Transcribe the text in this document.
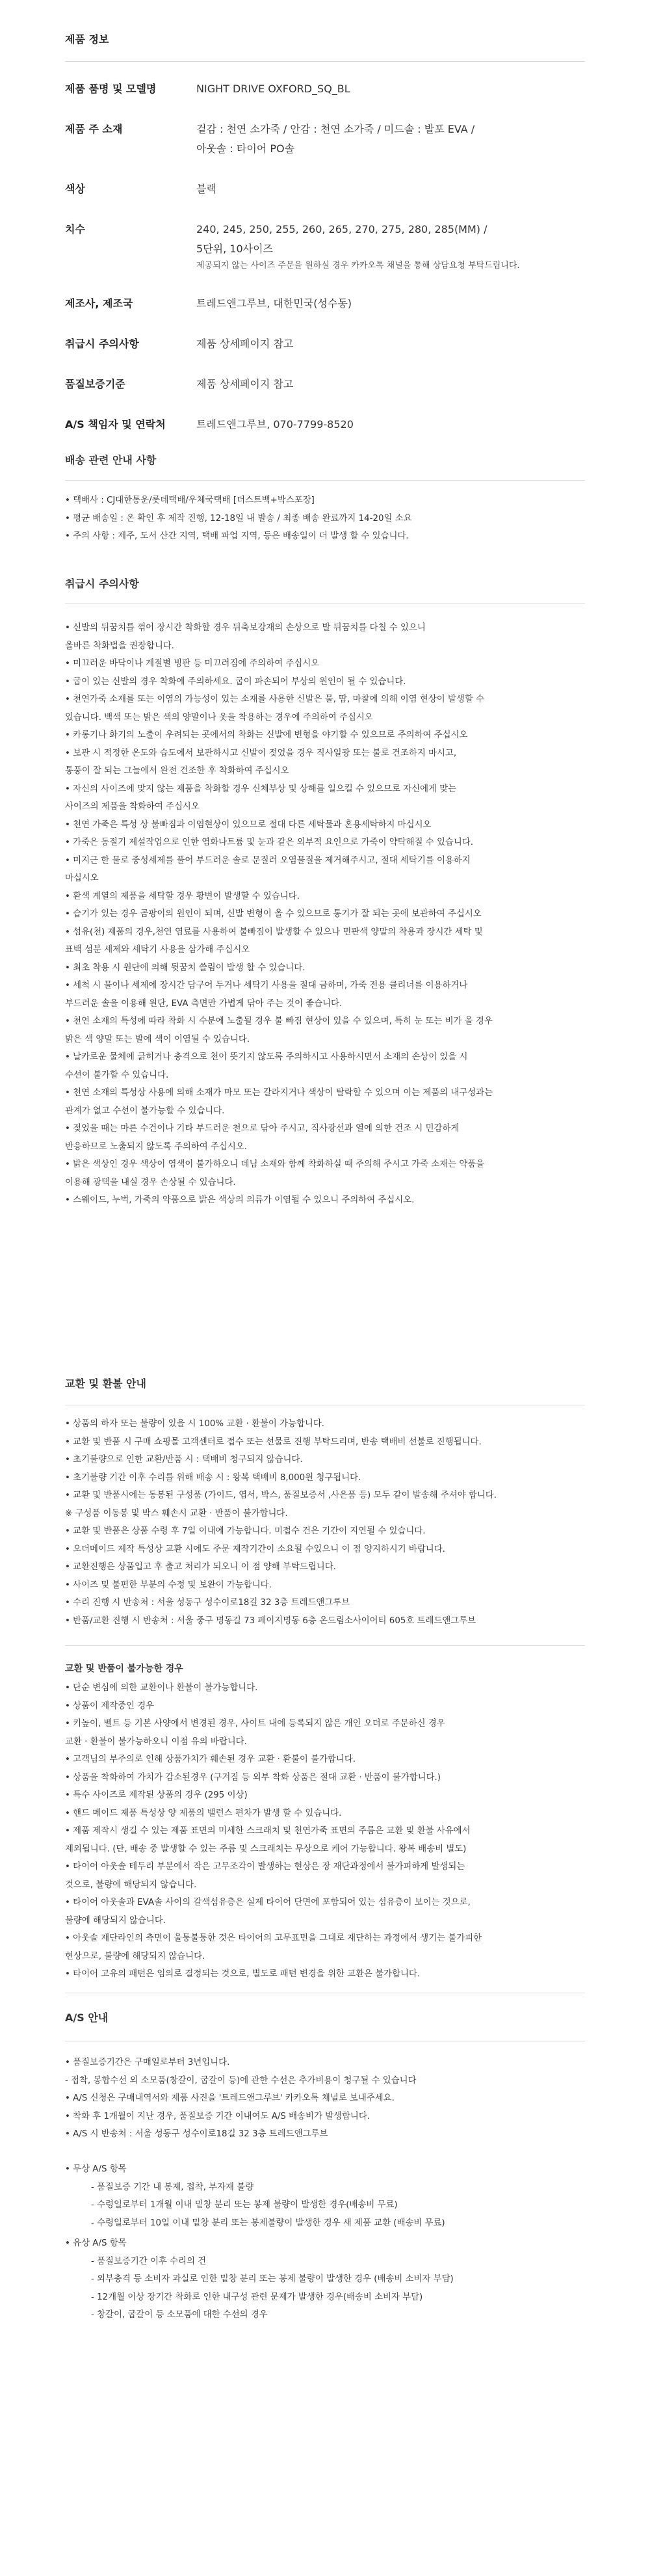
제품 정보
제품 품명 및 모델명	NIGHT DRIVE OXFORD_SQ_BL
제품 주 소재	겉감 : 천연 소가죽 / 안감 : 천연 소가죽 / 미드솔 : 발포 EVA /
아웃솔 : 타이어 PO솔
색상	블랙
치수	240, 245, 250, 255, 260, 265, 270, 275, 280, 285(MM) /
5단위, 10사이즈
제공되지 않는 사이즈 주문을 원하실 경우 카카오톡 채널을 통해 상담요청 부탁드립니다.
제조사, 제조국	트레드앤그루브, 대한민국(성수동)
취급시 주의사항	제품 상세페이지 참고
품질보증기준	제품 상세페이지 참고
A/S 책임자 및 연락처	트레드앤그루브, 070-7799-8520
배송 관련 안내 사항
• 택배사 : CJ대한통운/롯데택배/우체국택배 [더스트백+박스포장]
• 평균 배송일 : 온 확인 후 제작 진행, 12-18일 내 발송 / 최종 배송 완료까지 14-20일 소요
• 주의 사항 : 제주, 도서 산간 지역, 택배 파업 지역, 등은 배송일이 더 발생 할 수 있습니다.
취급시 주의사항
• 신발의 뒤꿈치를 꺾어 장시간 착화할 경우 뒤축보강재의 손상으로 발 뒤꿈치를 다칠 수 있으니
올바른 착화법을 권장합니다.
• 미끄러운 바닥이나 계절별 빙판 등 미끄러짐에 주의하여 주십시오
• 굽이 있는 신발의 경우 착화에 주의하세요. 굽이 파손되어 부상의 원인이 될 수 있습니다.
• 천연가죽 소재를 또는 이염의 가능성이 있는 소재를 사용한 신발은 물, 땀, 마찰에 의해 이염 현상이 발생할 수
있습니다. 백색 또는 밝은 색의 양말이나 옷을 착용하는 경우에 주의하여 주십시오
• 카롱기나 화기의 노출이 우려되는 곳에서의 착화는 신발에 변형을 야기할 수 있으므로 주의하여 주십시오
• 보관 시 적정한 온도와 습도에서 보관하시고 신발이 젖었을 경우 직사일광 또는 불로 건조하지 마시고,
통풍이 잘 되는 그늘에서 완전 건조한 후 착화하여 주십시오
• 자신의 사이즈에 맞지 않는 제품을 착화할 경우 신체부상 및 상해를 일으킬 수 있으므로 자신에게 맞는
사이즈의 제품을 착화하여 주십시오
• 천연 가죽은 특성 상 불빠짐과 이염현상이 있으므로 절대 다른 세탁물과 혼용세탁하지 마십시오
• 가죽은 동절기 제설작업으로 인한 염화나트륨 및 눈과 같은 외부적 요인으로 가죽이 약탁해질 수 있습니다.
• 미지근 한 물로 중성세제를 풀어 부드러운 솔로 문질러 오염물질을 제거해주시고, 절대 세탁기를 이용하지
마십시오
• 환색 계열의 제품을 세탁할 경우 황변이 발생할 수 있습니다.
• 습기가 있는 경우 곰팡이의 원인이 되며, 신발 변형이 올 수 있으므로 통기가 잘 되는 곳에 보관하여 주십시오
• 섬유(천) 제품의 경우,천연 염료를 사용하여 불빠짐이 발생할 수 있으나 면판색 양말의 착용과 장시간 세탁 및
표백 섬분 세제와 세탁기 사용을 삼가해 주십시오
• 최초 착용 시 원단에 의해 뒷꿈치 쓸림이 발생 할 수 있습니다.
• 세척 시 물이나 세제에 장시간 담구어 두거나 세탁기 사용을 절대 금하며, 가죽 전용 클리너를 이용하거나
부드러운 솔을 이용해 원단, EVA 측면만 가볍게 닦아 주는 것이 좋습니다.
• 천연 소재의 특성에 따라 착화 시 수분에 노출될 경우 불 빠짐 현상이 있을 수 있으며, 특히 눈 또는 비가 올 경우
밝은 색 양말 또는 발에 색이 이염될 수 있습니다.
• 날카로운 물체에 긁히거나 충격으로 천이 뜻기지 않도록 주의하시고 사용하시면서 소재의 손상이 있을 시
수선이 불가할 수 있습니다.
• 천연 소재의 특성상 사용에 의해 소재가 마모 또는 갈라지거나 색상이 탈락할 수 있으며 이는 제품의 내구성과는
관계가 없고 수선이 불가능할 수 있습니다.
• 젖었을 때는 마른 수건이나 기타 부드러운 천으로 닦아 주시고, 직사광선과 열에 의한 건조 시 민감하게
반응하므로 노출되지 않도록 주의하여 주십시오.
• 밝은 색상인 경우 색상이 염색이 불가하오니 데님 소재와 함께 착화하실 때 주의해 주시고 가죽 소재는 약품을
이용해 광택을 내실 경우 손상될 수 있습니다.
• 스웨이드, 누벅, 가죽의 약품으로 밝은 색상의 의류가 이염될 수 있으니 주의하여 주십시오.
교환 및 환불 안내
• 상품의 하자 또는 불량이 있을 시 100% 교환 · 환불이 가능합니다.
• 교환 및 반품 시 구매 쇼핑몰 고객센터로 접수 또는 선물로 진행 부탁드리며, 반송 택배비 선불로 진행됩니다.
• 초기불량으로 인한 교환/반품 시 : 택배비 청구되지 않습니다.
• 초기불량 기간 이후 수리를 위해 배송 시 : 왕복 택배비 8,000원 청구됩니다.
• 교환 및 반품시에는 동봉된 구성품 (가이드, 엽서, 박스, 품질보증서 ,사은품 등) 모두 같이 발송해 주셔야 합니다.
※ 구성품 이동봉 및 박스 훼손시 교환 · 반품이 불가합니다.
• 교환 및 반품은 상품 수령 후 7일 이내에 가능합니다. 미접수 건은 기간이 지연될 수 있습니다.
• 오더메이드 제작 특성상 교환 시에도 주문 제작기간이 소요될 수있으니 이 점 양지하시기 바랍니다.
• 교환진행은 상품입고 후 출고 처리가 되오니 이 점 양해 부탁드립니다.
• 사이즈 및 불편한 부분의 수정 및 보완이 가능합니다.
• 수리 진행 시 반송처 : 서울 성동구 성수이로18길 32 3층 트레드앤그루브
• 반품/교환 진행 시 반송처 : 서울 중구 명동길 73 페이지명동 6층 온드림소사이어티 605호 트레드앤그루브
교환 및 반품이 불가능한 경우
• 단순 변심에 의한 교환이나 환불이 불가능합니다.
• 상품이 제작중인 경우
• 키높이, 벨트 등 기본 사양에서 변경된 경우, 사이트 내에 등록되지 않은 개인 오더로 주문하신 경우
교환 · 환불이 불가능하오니 이점 유의 바랍니다.
• 고객님의 부주의로 인해 상품가치가 훼손된 경우 교환 · 환불이 불가합니다.
• 상품을 착화하여 가치가 감소된경우 (구겨짐 등 외부 착화 상품은 절대 교환 · 반품이 불가합니다.)
• 특수 사이즈로 제작된 상품의 경우 (295 이상)
• 핸드 메이드 제품 특성상 양 제품의 밸런스 편차가 발생 할 수 있습니다.
• 제품 제작시 생길 수 있는 제품 표면의 미세한 스크래치 및 천연가죽 표면의 주름은 교환 및 환불 사유에서
제외됩니다. (단, 배송 중 발생할 수 있는 주름 및 스크래치는 무상으로 케어 가능합니다. 왕복 배송비 별도)
• 타이어 아웃솔 테두리 부분에서 작은 고무조각이 발생하는 현상은 장 재단과정에서 불가피하게 발생되는
것으로, 불량에 해당되지 않습니다.
• 타이어 아웃솔과 EVA솔 사이의 갈색섬유층은 실제 타이어 단면에 포함되어 있는 섬유층이 보이는 것으로,
불량에 해당되지 않습니다.
• 아웃솔 재단라인의 측면이 울퉁불퉁한 것은 타이어의 고무표면을 그대로 재단하는 과정에서 생기는 불가피한
현상으로, 불량에 해당되지 않습니다.
• 타이어 고유의 패턴은 임의로 결정되는 것으로, 별도로 패턴 변경을 위한 교환은 불가합니다.
A/S 안내
• 품질보증기간은 구매일로부터 3년입니다.
- 접착, 봉합수선 외 소모품(창갈이, 굽갈이 등)에 관한 수선은 추가비용이 청구될 수 있습니다
• A/S 신청은 구매내역서와 제품 사진을 '트레드앤그루브' 카카오톡 채널로 보내주세요.
• 착화 후 1개월이 지난 경우, 품질보증 기간 이내여도 A/S 배송비가 발생합니다.
• A/S 시 반송처 : 서울 성동구 성수이로18길 32 3층 트레드앤그루브
• 무상 A/S 항목
- 품질보증 기간 내 봉제, 접착, 부자재 불량
- 수령일로부터 1개월 이내 밑창 분리 또는 봉제 불량이 발생한 경우(배송비 무료)
- 수령일로부터 10일 이내 밑창 분리 또는 봉제불량이 발생한 경우 새 제품 교환 (배송비 무료)
• 유상 A/S 항목
- 품질보증기간 이후 수리의 건
- 외부충격 등 소비자 과실로 인한 밑창 분리 또는 봉제 불량이 발생한 경우 (배송비 소비자 부담)
- 12개월 이상 장기간 착화로 인한 내구성 관련 문제가 발생한 경우(배송비 소비자 부담)
- 창갈이, 굽갈이 등 소모품에 대한 수선의 경우
